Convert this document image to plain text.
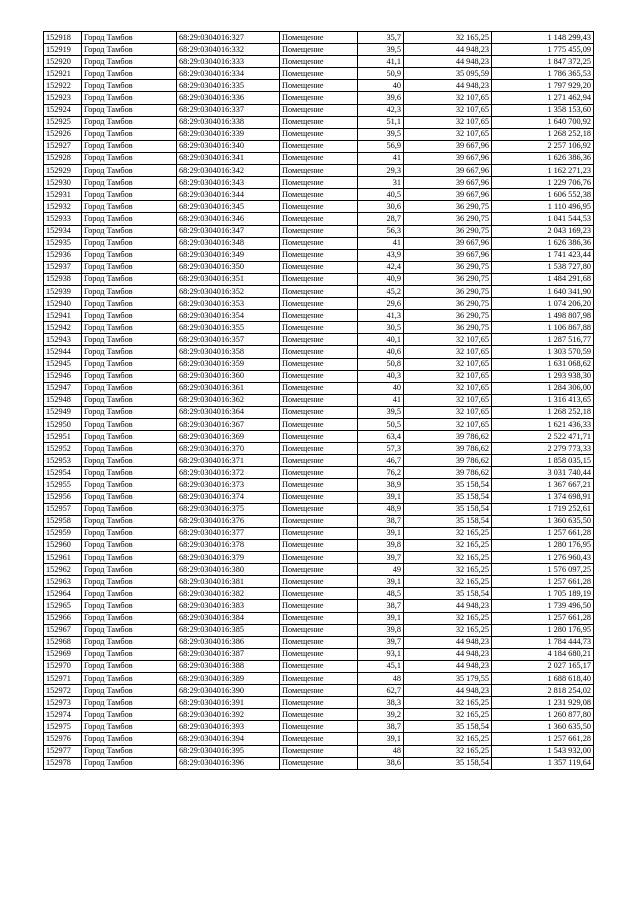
152918	Город Тамбов	68:29:0304016:327	Помещение	35,7	32 165,25	1 148 299,43
152919	Город Тамбов	68:29:0304016:332	Помещение	39,5	44 948,23	1 775 455,09
152920	Город Тамбов	68:29:0304016:333	Помещение	41,1	44 948,23	1 847 372,25
152921	Город Тамбов	68:29:0304016:334	Помещение	50,9	35 095,59	1 786 365,53
152922	Город Тамбов	68:29:0304016:335	Помещение	40	44 948,23	1 797 929,20
152923	Город Тамбов	68:29:0304016:336	Помещение	39,6	32 107,65	1 271 462,94
152924	Город Тамбов	68:29:0304016:337	Помещение	42,3	32 107,65	1 358 153,60
152925	Город Тамбов	68:29:0304016:338	Помещение	51,1	32 107,65	1 640 700,92
152926	Город Тамбов	68:29:0304016:339	Помещение	39,5	32 107,65	1 268 252,18
152927	Город Тамбов	68:29:0304016:340	Помещение	56,9	39 667,96	2 257 106,92
152928	Город Тамбов	68:29:0304016:341	Помещение	41	39 667,96	1 626 386,36
152929	Город Тамбов	68:29:0304016:342	Помещение	29,3	39 667,96	1 162 271,23
152930	Город Тамбов	68:29:0304016:343	Помещение	31	39 667,96	1 229 706,76
152931	Город Тамбов	68:29:0304016:344	Помещение	40,5	39 667,96	1 606 552,38
152932	Город Тамбов	68:29:0304016:345	Помещение	30,6	36 290,75	1 110 496,95
152933	Город Тамбов	68:29:0304016:346	Помещение	28,7	36 290,75	1 041 544,53
152934	Город Тамбов	68:29:0304016:347	Помещение	56,3	36 290,75	2 043 169,23
152935	Город Тамбов	68:29:0304016:348	Помещение	41	39 667,96	1 626 386,36
152936	Город Тамбов	68:29:0304016:349	Помещение	43,9	39 667,96	1 741 423,44
152937	Город Тамбов	68:29:0304016:350	Помещение	42,4	36 290,75	1 538 727,80
152938	Город Тамбов	68:29:0304016:351	Помещение	40,9	36 290,75	1 484 291,68
152939	Город Тамбов	68:29:0304016:352	Помещение	45,2	36 290,75	1 640 341,90
152940	Город Тамбов	68:29:0304016:353	Помещение	29,6	36 290,75	1 074 206,20
152941	Город Тамбов	68:29:0304016:354	Помещение	41,3	36 290,75	1 498 807,98
152942	Город Тамбов	68:29:0304016:355	Помещение	30,5	36 290,75	1 106 867,88
152943	Город Тамбов	68:29:0304016:357	Помещение	40,1	32 107,65	1 287 516,77
152944	Город Тамбов	68:29:0304016:358	Помещение	40,6	32 107,65	1 303 570,59
152945	Город Тамбов	68:29:0304016:359	Помещение	50,8	32 107,65	1 631 068,62
152946	Город Тамбов	68:29:0304016:360	Помещение	40,3	32 107,65	1 293 938,30
152947	Город Тамбов	68:29:0304016:361	Помещение	40	32 107,65	1 284 306,00
152948	Город Тамбов	68:29:0304016:362	Помещение	41	32 107,65	1 316 413,65
152949	Город Тамбов	68:29:0304016:364	Помещение	39,5	32 107,65	1 268 252,18
152950	Город Тамбов	68:29:0304016:367	Помещение	50,5	32 107,65	1 621 436,33
152951	Город Тамбов	68:29:0304016:369	Помещение	63,4	39 786,62	2 522 471,71
152952	Город Тамбов	68:29:0304016:370	Помещение	57,3	39 786,62	2 279 773,33
152953	Город Тамбов	68:29:0304016:371	Помещение	46,7	39 786,62	1 858 035,15
152954	Город Тамбов	68:29:0304016:372	Помещение	76,2	39 786,62	3 031 740,44
152955	Город Тамбов	68:29:0304016:373	Помещение	38,9	35 158,54	1 367 667,21
152956	Город Тамбов	68:29:0304016:374	Помещение	39,1	35 158,54	1 374 698,91
152957	Город Тамбов	68:29:0304016:375	Помещение	48,9	35 158,54	1 719 252,61
152958	Город Тамбов	68:29:0304016:376	Помещение	38,7	35 158,54	1 360 635,50
152959	Город Тамбов	68:29:0304016:377	Помещение	39,1	32 165,25	1 257 661,28
152960	Город Тамбов	68:29:0304016:378	Помещение	39,8	32 165,25	1 280 176,95
152961	Город Тамбов	68:29:0304016:379	Помещение	39,7	32 165,25	1 276 960,43
152962	Город Тамбов	68:29:0304016:380	Помещение	49	32 165,25	1 576 097,25
152963	Город Тамбов	68:29:0304016:381	Помещение	39,1	32 165,25	1 257 661,28
152964	Город Тамбов	68:29:0304016:382	Помещение	48,5	35 158,54	1 705 189,19
152965	Город Тамбов	68:29:0304016:383	Помещение	38,7	44 948,23	1 739 496,50
152966	Город Тамбов	68:29:0304016:384	Помещение	39,1	32 165,25	1 257 661,28
152967	Город Тамбов	68:29:0304016:385	Помещение	39,8	32 165,25	1 280 176,95
152968	Город Тамбов	68:29:0304016:386	Помещение	39,7	44 948,23	1 784 444,73
152969	Город Тамбов	68:29:0304016:387	Помещение	93,1	44 948,23	4 184 680,21
152970	Город Тамбов	68:29:0304016:388	Помещение	45,1	44 948,23	2 027 165,17
152971	Город Тамбов	68:29:0304016:389	Помещение	48	35 179,55	1 688 618,40
152972	Город Тамбов	68:29:0304016:390	Помещение	62,7	44 948,23	2 818 254,02
152973	Город Тамбов	68:29:0304016:391	Помещение	38,3	32 165,25	1 231 929,08
152974	Город Тамбов	68:29:0304016:392	Помещение	39,2	32 165,25	1 260 877,80
152975	Город Тамбов	68:29:0304016:393	Помещение	38,7	35 158,54	1 360 635,50
152976	Город Тамбов	68:29:0304016:394	Помещение	39,1	32 165,25	1 257 661,28
152977	Город Тамбов	68:29:0304016:395	Помещение	48	32 165,25	1 543 932,00
152978	Город Тамбов	68:29:0304016:396	Помещение	38,6	35 158,54	1 357 119,64
